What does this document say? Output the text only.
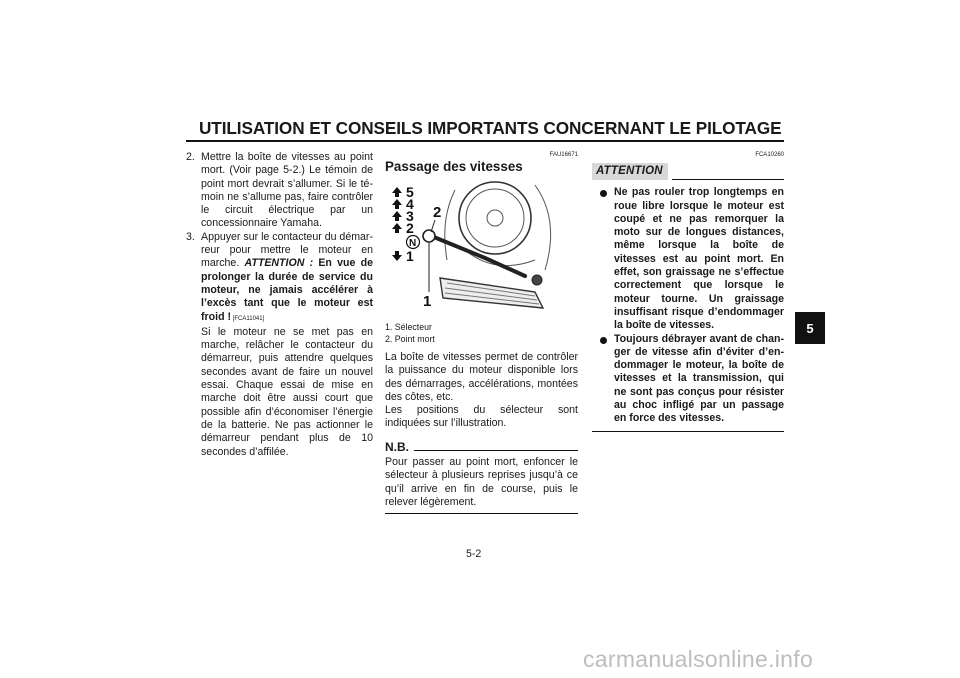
UTILISATION ET CONSEILS IMPORTANTS CONCERNANT LE PILOTAGE
2. Mettre la boîte de vitesses au point mort. (Voir page 5-2.) Le témoin de point mort devrait s’allumer. Si le témoin ne s’allume pas, faire contrôler le circuit électrique par un concessionnaire Yamaha.
3. Appuyer sur le contacteur du démarreur pour mettre le moteur en marche. ATTENTION : En vue de prolonger la durée de service du moteur, ne jamais accélérer à l’excès tant que le moteur est froid ! [FCA11041]
Si le moteur ne se met pas en marche, relâcher le contacteur du démarreur, puis attendre quelques secondes avant de faire un nouvel essai. Chaque essai de mise en marche doit être aussi court que possible afin d’économiser l’énergie de la batterie. Ne pas actionner le démarreur pendant plus de 10 secondes d’affilée.
FAU16671
Passage des vitesses
5
4
3
2
N
1
1
2
1. Sélecteur
2. Point mort
La boîte de vitesses permet de contrôler la puissance du moteur disponible lors des démarrages, accélérations, montées des côtes, etc.
Les positions du sélecteur sont indiquées sur l’illustration.
N.B.
Pour passer au point mort, enfoncer le sélecteur à plusieurs reprises jusqu’à ce qu’il arrive en fin de course, puis le relever légèrement.
FCA10260
ATTENTION
Ne pas rouler trop longtemps en roue libre lorsque le moteur est coupé et ne pas remorquer la moto sur de longues distances, même lorsque la boîte de vitesses est au point mort. En effet, son graissage ne s’effectue correctement que lorsque le moteur tourne. Un graissage insuffisant risque d’endommager la boîte de vitesses.
Toujours débrayer avant de changer de vitesse afin d’éviter d’endommager le moteur, la boîte de vitesses et la transmission, qui ne sont pas conçus pour résister au choc infligé par un passage en force des vitesses.
5
5-2
carmanualsonline.info
